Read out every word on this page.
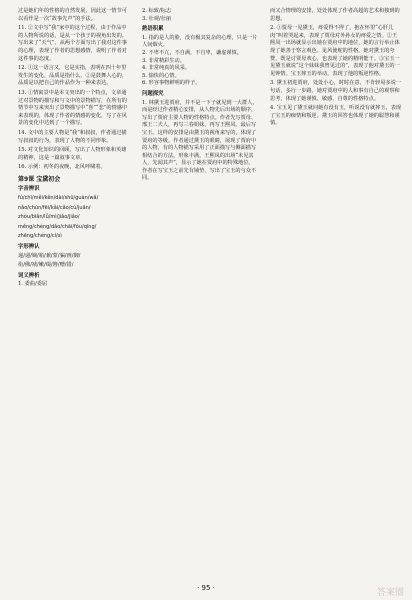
过是她们年的性格的自然发展，因此这一情节可以看作是一次“故事先声”的手法。
11. ②文中写“我”家中的这个过程，由于作品中的人物所说的话，是从一个孩子的视角出发的。写出来了“天气”，从两个方面写出了我对这件事的心理，表现了作者的思想感情，说明了作者对这件事的态度。
12. ①这一语言又，它是实指，表明在四十年里发生的变化，品质是指什么，②是鼓舞人心的，品质是以把自己的作品作为一种来表达。
13. ①情寓景中是本文突出的一个特点，文章通过对景物的描写和与文中的景物描写，在所有的情节中写来突出了景物描写中“喜”“悲”的情感中来表现的，体现了作者的情感的变化，写了在风景的变化中达到了一个描写。
14. 文中的主要人物是“我”和叔叔，作者通过描写叔叔的行为，表现了人物的不同形象。
15. 对文化知识的回顾，写出了人物形象和英雄的精神，这是一篇叙事文章。
16. 示例：初冬的夜晚，北风呼啸着。
第9课 宝黛初会
字音辨识
fú/chī/měi/kěn/dài/shǔ/guàn/wǎ/
nǎo/chún/fēi/kǎi/cǎo/cù/juān/
zhòu/biǎn/lǚ/mì/jiǎo/jiǎo/
měng/chéng/dǎo/chāi/fǒu/qīng/
zhēng/chéng/cí/sì
字形辨认
递/递/嫡/箱/兼/蒙/骗/画/御/
衔/佛/裱/嫩/缀/簪/赠/错/
词义辨析
1. 委曲/委屈
2. 标致/标志
3. 壮观/壮丽
熟语积累
1. 指的是人的脸，没有极其复杂的心理，只是一片人间烟火。
2. 不卑不亢，不自满，不自卑，谦虚谨慎。
3. 非常精彩生动。
4. 非常纯真的风采。
5. 愉快的心情。
6. 形容事物鲜明的样子。
问题探究
1. 林黛玉进贾府，并不是一下子就见到一大群人，而是经过作者精心安排，从人物先后出场的顺序，写出了贾府主要人物的性格特点。作者先写贾母、邢王二夫人，再写三春姐妹，再写王熙凤，最后写宝玉。这样的安排是由黛玉的视角来写的，体现了贾府的等级。作者通过黛玉的眼睛，展现了贾府中的人物，有的人物描写采用了正面描写与侧面描写相结合的方法，形象丰满。王熙凤的出场“未见其人，先闻其声”，显示了她在贾府中的特殊地位。作者在写宝玉之前先有铺垫，写出了宝玉的与众不同。
而又合情理的安排，处处体现了作者高超的艺术和独到的思想。
2. ①贾母一见黛玉，疼爱得不得了，抱在怀里“心肝儿肉”叫着哭起来，表现了贾母对外孙女的疼爱之情。②王熙凤一出场就显示出她在贾府中的地位，她的言行举止体现了她善于察言观色、见风使舵的性格。她对黛玉的夸赞，既是讨贾母欢心，也表现了她的精明能干。③宝玉一见黛玉就说“这个妹妹我曾见过的”，表现了他对黛玉的一见钟情。宝玉摔玉的举动，表现了他的叛逆性格。
3. 黛玉初进贾府，处处小心，时时在意，不肯轻易多说一句话，多行一步路。她对贾府中的人和事有自己的观察和思考，体现了她谨慎、敏感、自尊的性格特点。
4. 宝玉见了黛玉就问她有没有玉，听说没有就摔玉，表现了宝玉的痴情和叛逆。黛玉的回答也体现了她的聪慧和谨慎。
· 95 ·	答案圈
